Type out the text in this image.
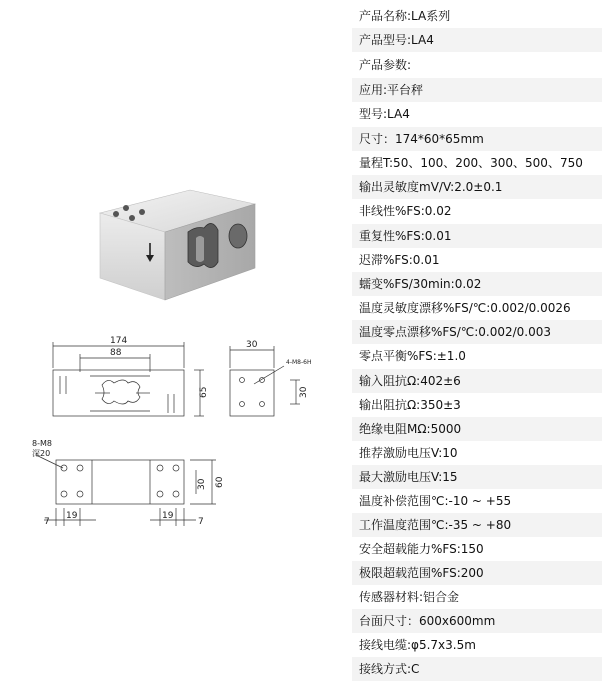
174
88
30
4-M8-6H
65	30
8-M8
深20
30 60
7
19	19
7
产品名称:LA系列
产品型号:LA4
产品参数:
应用:平台秤
型号:LA4
尺寸：174*60*65mm
量程T:50、100、200、300、500、750
输出灵敏度mV/V:2.0±0.1
非线性%FS:0.02
重复性%FS:0.01
迟滞%FS:0.01
蠕变%FS/30min:0.02
温度灵敏度漂移%FS/℃:0.002/0.0026
温度零点漂移%FS/℃:0.002/0.003
零点平衡%FS:±1.0
输入阻抗Ω:402±6
输出阻抗Ω:350±3
绝缘电阻MΩ:5000
推荐激励电压V:10
最大激励电压V:15
温度补偿范围℃:-10 ~ +55
工作温度范围℃:-35 ~ +80
安全超载能力%FS:150
极限超载范围%FS:200
传感器材料:铝合金
台面尺寸：600x600mm
接线电缆:φ5.7x3.5m
接线方式:C
